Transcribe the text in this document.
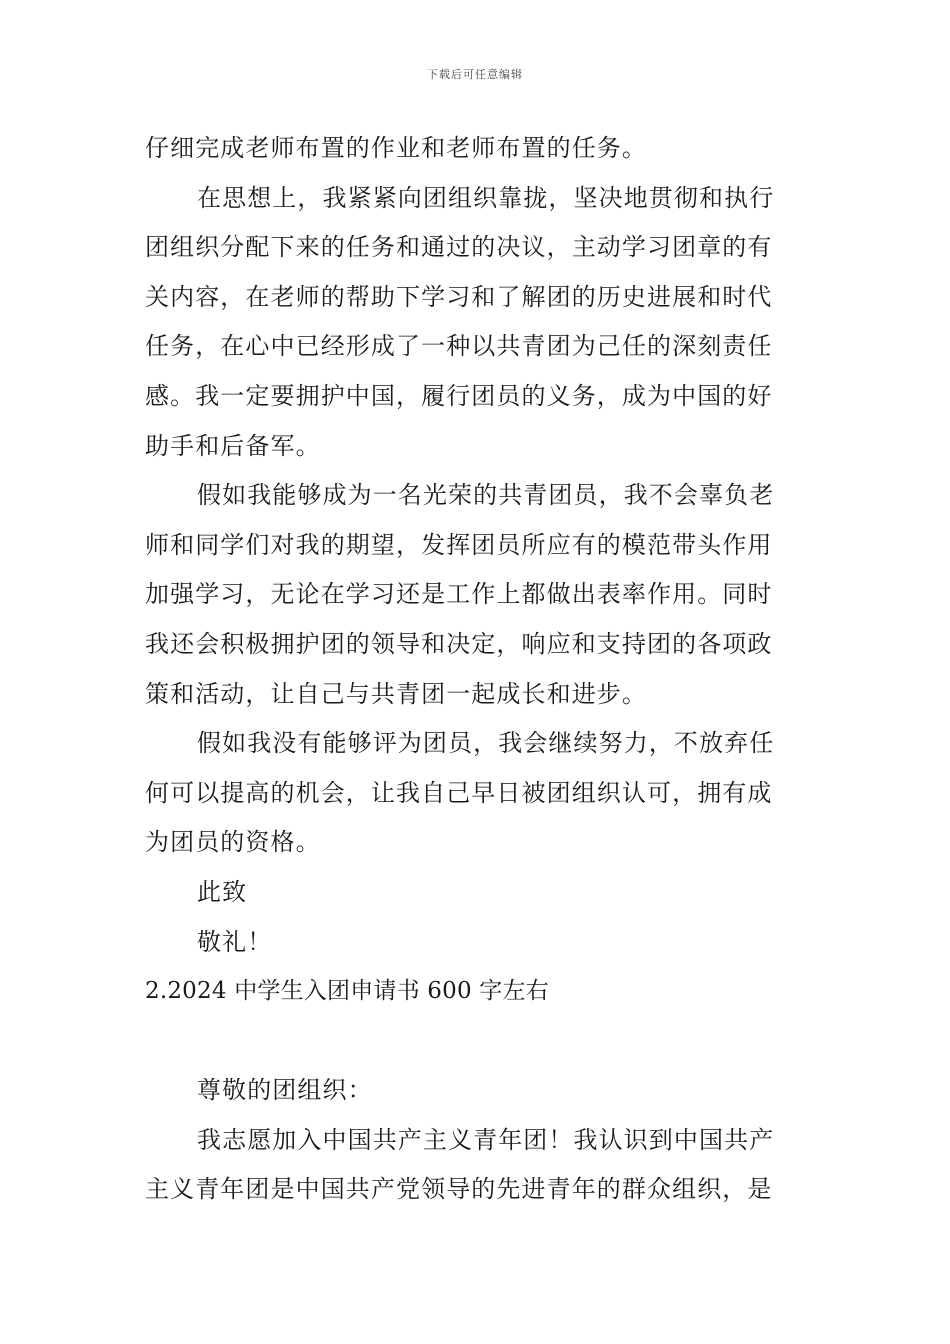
下载后可任意编辑
仔细完成老师布置的作业和老师布置的任务。
在思想上，我紧紧向团组织靠拢，坚决地贯彻和执行
团组织分配下来的任务和通过的决议，主动学习团章的有
关内容，在老师的帮助下学习和了解团的历史进展和时代
任务，在心中已经形成了一种以共青团为己任的深刻责任
感。我一定要拥护中国，履行团员的义务，成为中国的好
助手和后备军。
假如我能够成为一名光荣的共青团员，我不会辜负老
师和同学们对我的期望，发挥团员所应有的模范带头作用
加强学习，无论在学习还是工作上都做出表率作用。同时
我还会积极拥护团的领导和决定，响应和支持团的各项政
策和活动，让自己与共青团一起成长和进步。
假如我没有能够评为团员，我会继续努力，不放弃任
何可以提高的机会，让我自己早日被团组织认可，拥有成
为团员的资格。
此致
敬礼！
2.2024 中学生入团申请书 600 字左右
尊敬的团组织：
我志愿加入中国共产主义青年团！我认识到中国共产
主义青年团是中国共产党领导的先进青年的群众组织，是
